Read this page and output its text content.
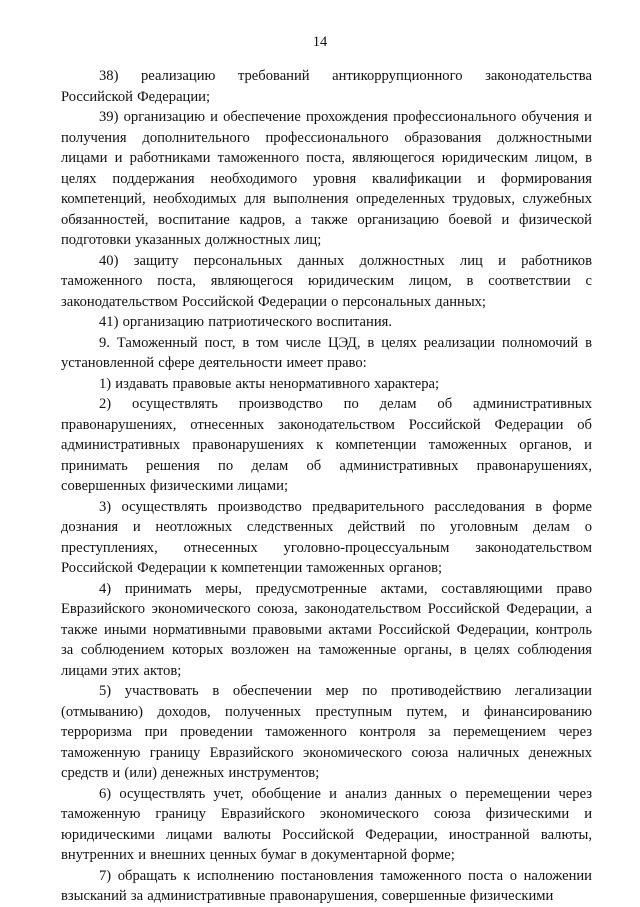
14

38) реализацию требований антикоррупционного законодательства Российской Федерации;

39) организацию и обеспечение прохождения профессионального обучения и получения дополнительного профессионального образования должностными лицами и работниками таможенного поста, являющегося юридическим лицом, в целях поддержания необходимого уровня квалификации и формирования компетенций, необходимых для выполнения определенных трудовых, служебных обязанностей, воспитание кадров, а также организацию боевой и физической подготовки указанных должностных лиц;

40) защиту персональных данных должностных лиц и работников таможенного поста, являющегося юридическим лицом, в соответствии с законодательством Российской Федерации о персональных данных;

41) организацию патриотического воспитания.

9. Таможенный пост, в том числе ЦЭД, в целях реализации полномочий в установленной сфере деятельности имеет право:

1) издавать правовые акты ненормативного характера;

2) осуществлять производство по делам об административных правонарушениях, отнесенных законодательством Российской Федерации об административных правонарушениях к компетенции таможенных органов, и принимать решения по делам об административных правонарушениях, совершенных физическими лицами;

3) осуществлять производство предварительного расследования в форме дознания и неотложных следственных действий по уголовным делам о преступлениях, отнесенных уголовно-процессуальным законодательством Российской Федерации к компетенции таможенных органов;

4) принимать меры, предусмотренные актами, составляющими право Евразийского экономического союза, законодательством Российской Федерации, а также иными нормативными правовыми актами Российской Федерации, контроль за соблюдением которых возложен на таможенные органы, в целях соблюдения лицами этих актов;

5) участвовать в обеспечении мер по противодействию легализации (отмыванию) доходов, полученных преступным путем, и финансированию терроризма при проведении таможенного контроля за перемещением через таможенную границу Евразийского экономического союза наличных денежных средств и (или) денежных инструментов;

6) осуществлять учет, обобщение и анализ данных о перемещении через таможенную границу Евразийского экономического союза физическими и юридическими лицами валюты Российской Федерации, иностранной валюты, внутренних и внешних ценных бумаг в документарной форме;

7) обращать к исполнению постановления таможенного поста о наложении взысканий за административные правонарушения, совершенные физическими
